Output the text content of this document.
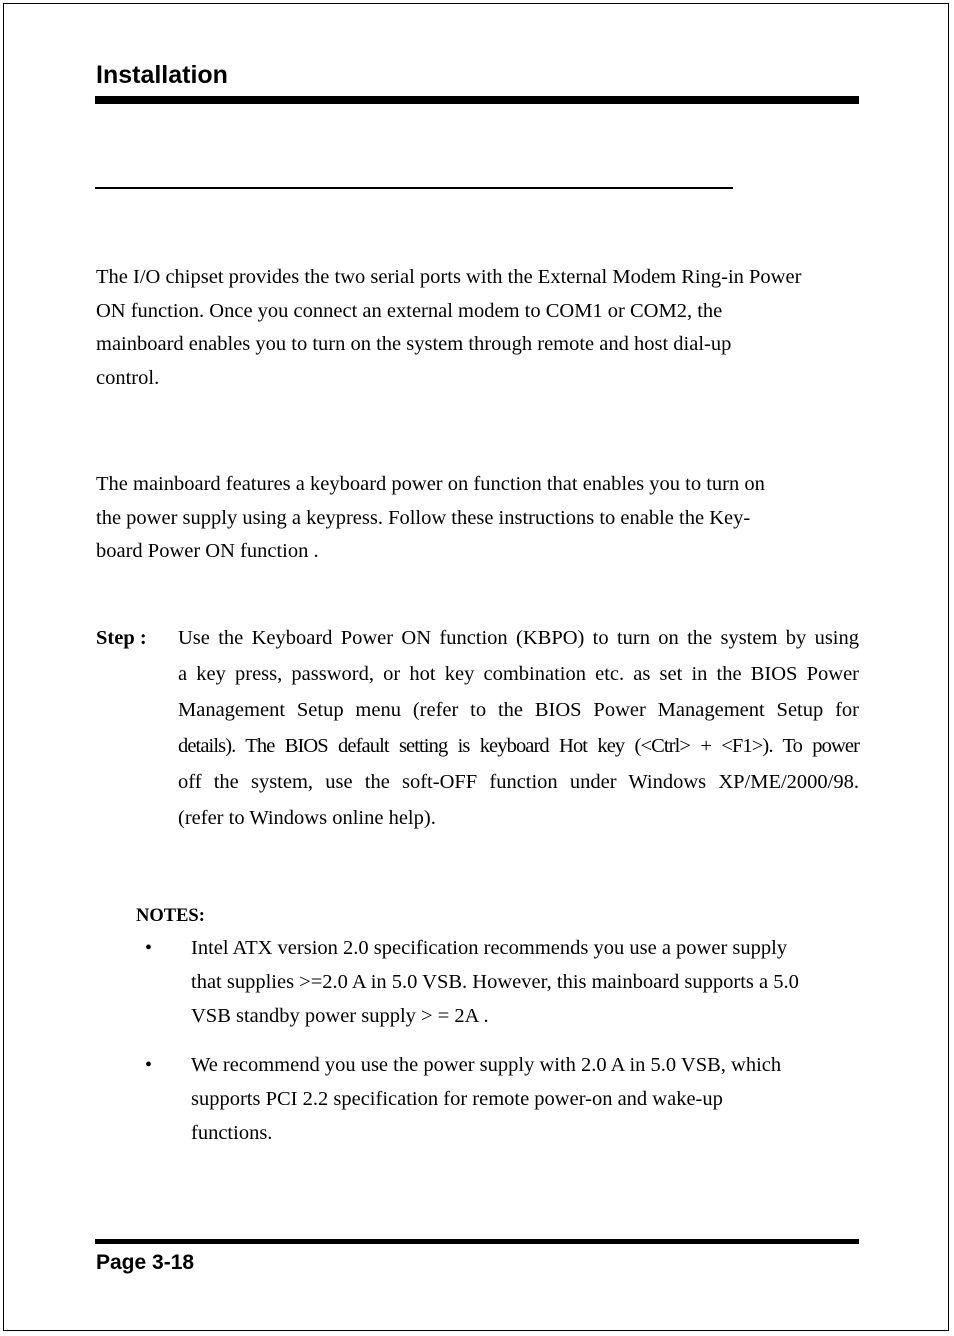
Installation
The I/O chipset provides the two serial ports with the External Modem Ring-in Power
ON function. Once you connect an external modem to COM1 or COM2, the
mainboard enables you to turn on the system through remote and host dial-up
control.
The mainboard features a keyboard power on function that enables you to turn on
the power supply using a keypress. Follow these instructions to enable the Key-
board Power ON function .
Step : Use the Keyboard Power ON function (KBPO) to turn on the system by using
a key press, password, or hot key combination etc. as set in the BIOS Power
Management Setup menu (refer to the BIOS Power Management Setup for
details). The BIOS default setting is keyboard Hot key (<Ctrl> + <F1>). To power
off the system, use the soft-OFF function under Windows XP/ME/2000/98.
(refer to Windows online help).
NOTES:
• Intel ATX version 2.0 specification recommends you use a power supply
that supplies >=2.0 A in 5.0 VSB. However, this mainboard supports a 5.0
VSB standby power supply > = 2A .
• We recommend you use the power supply with 2.0 A in 5.0 VSB, which
supports PCI 2.2 specification for remote power-on and wake-up
functions.
Page 3-18
